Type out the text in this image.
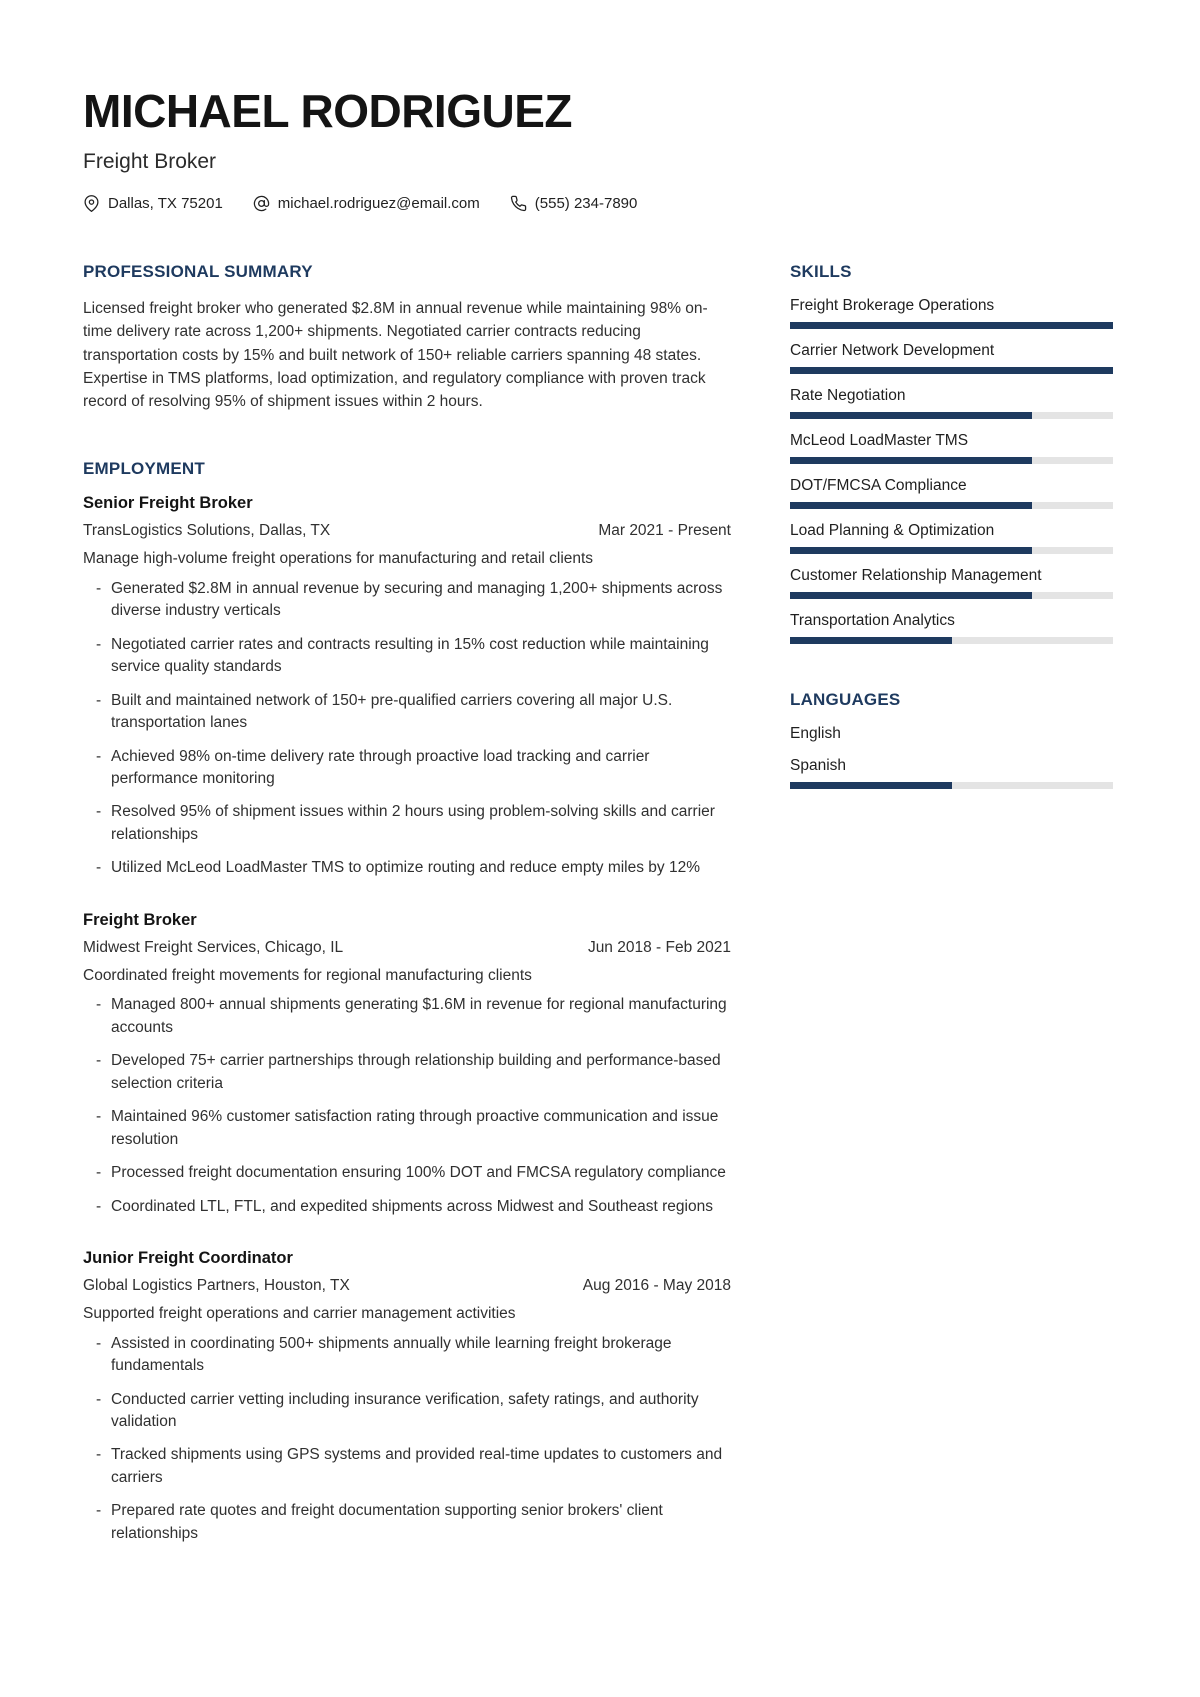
MICHAEL RODRIGUEZ
Freight Broker
Dallas, TX 75201	michael.rodriguez@email.com	(555) 234-7890
PROFESSIONAL SUMMARY

Licensed freight broker who generated $2.8M in annual revenue while maintaining 98% on-time delivery rate across 1,200+ shipments. Negotiated carrier contracts reducing transportation costs by 15% and built network of 150+ reliable carriers spanning 48 states. Expertise in TMS platforms, load optimization, and regulatory compliance with proven track record of resolving 95% of shipment issues within 2 hours.

EMPLOYMENT
Senior Freight Broker
TransLogistics Solutions, Dallas, TX	Mar 2021 - Present
Manage high-volume freight operations for manufacturing and retail clients
- Generated $2.8M in annual revenue by securing and managing 1,200+ shipments across diverse industry verticals
- Negotiated carrier rates and contracts resulting in 15% cost reduction while maintaining service quality standards
- Built and maintained network of 150+ pre-qualified carriers covering all major U.S. transportation lanes
- Achieved 98% on-time delivery rate through proactive load tracking and carrier performance monitoring
- Resolved 95% of shipment issues within 2 hours using problem-solving skills and carrier relationships
- Utilized McLeod LoadMaster TMS to optimize routing and reduce empty miles by 12%
Freight Broker
Midwest Freight Services, Chicago, IL	Jun 2018 - Feb 2021
Coordinated freight movements for regional manufacturing clients
- Managed 800+ annual shipments generating $1.6M in revenue for regional manufacturing accounts
- Developed 75+ carrier partnerships through relationship building and performance-based selection criteria
- Maintained 96% customer satisfaction rating through proactive communication and issue resolution
- Processed freight documentation ensuring 100% DOT and FMCSA regulatory compliance
- Coordinated LTL, FTL, and expedited shipments across Midwest and Southeast regions
Junior Freight Coordinator
Global Logistics Partners, Houston, TX	Aug 2016 - May 2018
Supported freight operations and carrier management activities
- Assisted in coordinating 500+ shipments annually while learning freight brokerage fundamentals
- Conducted carrier vetting including insurance verification, safety ratings, and authority validation
- Tracked shipments using GPS systems and provided real-time updates to customers and carriers
- Prepared rate quotes and freight documentation supporting senior brokers' client relationships
SKILLS
Freight Brokerage Operations
Carrier Network Development
Rate Negotiation
McLeod LoadMaster TMS
DOT/FMCSA Compliance
Load Planning & Optimization
Customer Relationship Management
Transportation Analytics
LANGUAGES
English
Spanish
